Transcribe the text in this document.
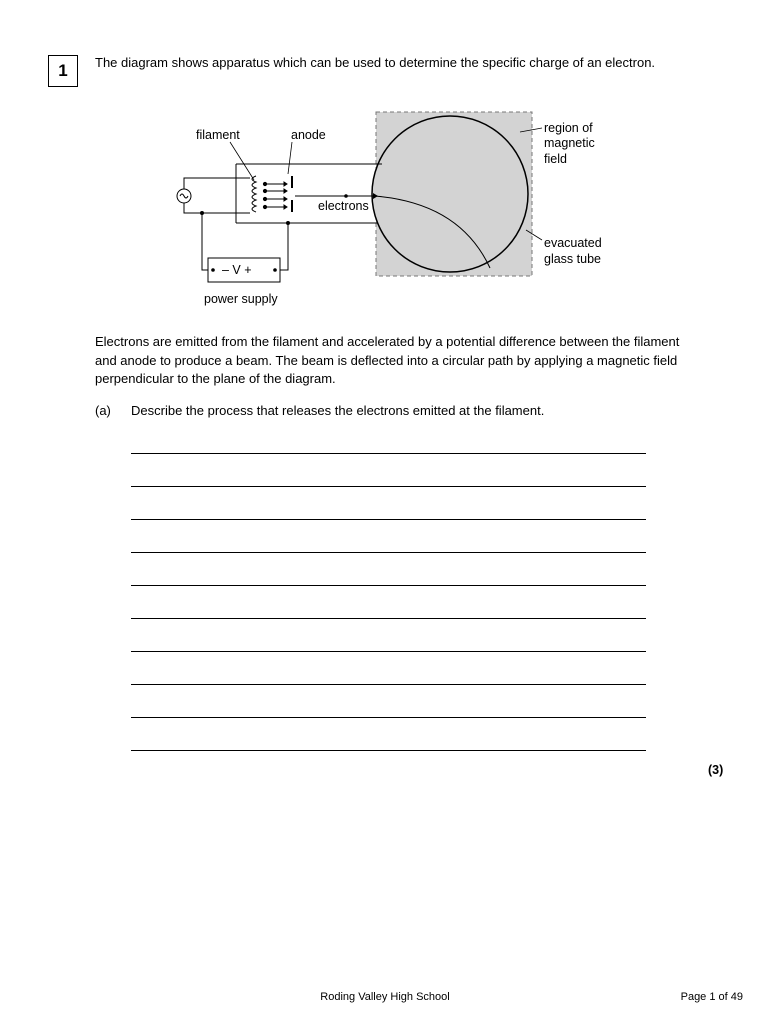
1 The diagram shows apparatus which can be used to determine the specific charge of an electron.
– V +
filament	anode
electrons
region of
magnetic
field
evacuated
glass tube
power supply
Electrons are emitted from the filament and accelerated by a potential difference between the filament and anode to produce a beam. The beam is deflected into a circular path by applying a magnetic field perpendicular to the plane of the diagram.
(a) Describe the process that releases the electrons emitted at the filament.
(3)
Roding Valley High School	Page 1 of 49
